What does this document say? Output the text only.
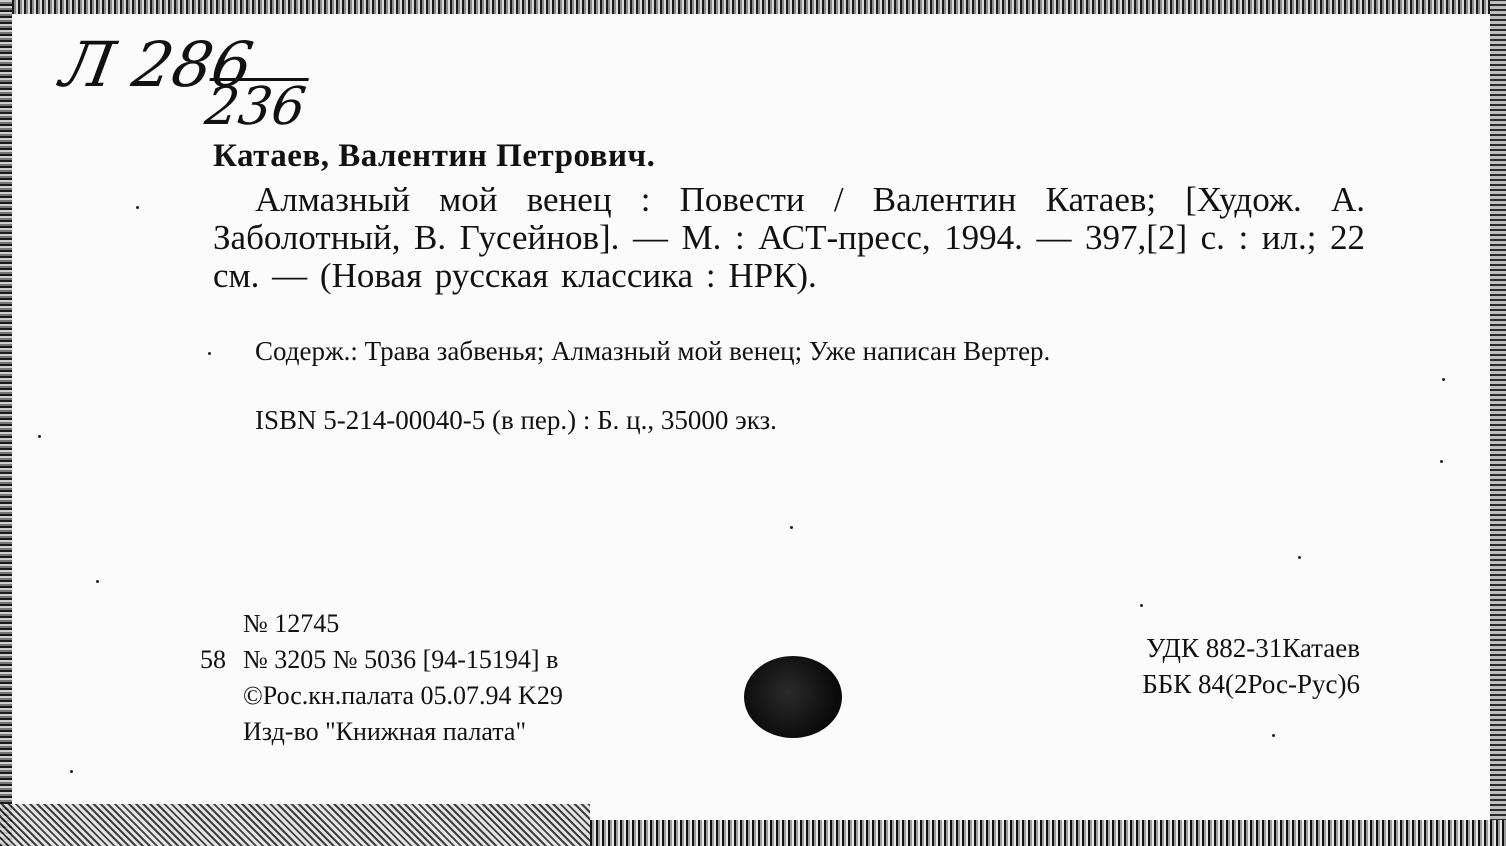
Л 286
236
Катаев, Валентин Петрович.
Алмазный мой венец : Повести / Валентин Катаев; [Худож. А. Заболотный, В. Гусейнов]. — М. : АСТ-пресс, 1994. — 397,[2] с. : ил.; 22 см. — (Новая русская классика : НРК).
Содерж.: Трава забвенья; Алмазный мой венец; Уже написан Вертер.
ISBN 5-214-00040-5 (в пер.) : Б. ц., 35000 экз.
№ 12745
58 № 3205 № 5036 [94-15194] в
©Рос.кн.палата 05.07.94 K29
Изд-во "Книжная палата"
УДК 882-31Катаев
ББК 84(2Рос-Рус)6
